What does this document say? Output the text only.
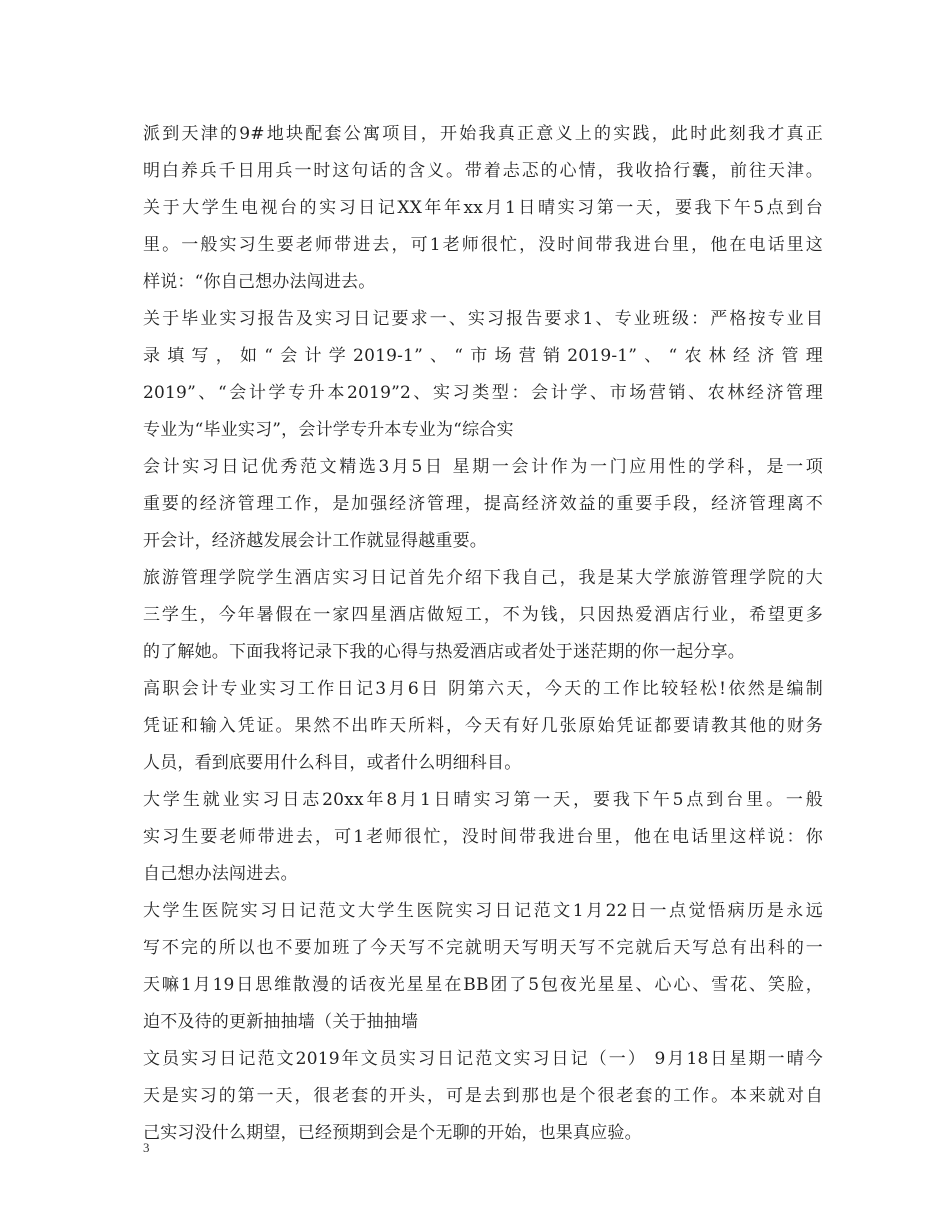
派到天津的9#地块配套公寓项目，开始我真正意义上的实践，此时此刻我才真正
明白养兵千日用兵一时这句话的含义。带着忐忑的心情，我收拾行囊，前往天津。
关于大学生电视台的实习日记XX年年xx月1日晴实习第一天，要我下午5点到台
里。一般实习生要老师带进去，可1老师很忙，没时间带我进台里，他在电话里这
样说：“你自己想办法闯进去。
关于毕业实习报告及实习日记要求一、实习报告要求1、专业班级：严格按专业目
录填写，如“会计学2019-1”、“市场营销2019-1”、“农林经济管理
2019”、“会计学专升本2019”2、实习类型：会计学、市场营销、农林经济管理
专业为“毕业实习”，会计学专升本专业为“综合实
会计实习日记优秀范文精选3月5日 星期一会计作为一门应用性的学科，是一项
重要的经济管理工作，是加强经济管理，提高经济效益的重要手段，经济管理离不
开会计，经济越发展会计工作就显得越重要。
旅游管理学院学生酒店实习日记首先介绍下我自己，我是某大学旅游管理学院的大
三学生，今年暑假在一家四星酒店做短工，不为钱，只因热爱酒店行业，希望更多
的了解她。下面我将记录下我的心得与热爱酒店或者处于迷茫期的你一起分享。
高职会计专业实习工作日记3月6日 阴第六天，今天的工作比较轻松!依然是编制
凭证和输入凭证。果然不出昨天所料，今天有好几张原始凭证都要请教其他的财务
人员，看到底要用什么科目，或者什么明细科目。
大学生就业实习日志20xx年8月1日晴实习第一天，要我下午5点到台里。一般
实习生要老师带进去，可1老师很忙，没时间带我进台里，他在电话里这样说：你
自己想办法闯进去。
大学生医院实习日记范文大学生医院实习日记范文1月22日一点觉悟病历是永远
写不完的所以也不要加班了今天写不完就明天写明天写不完就后天写总有出科的一
天嘛1月19日思维散漫的话夜光星星在BB团了5包夜光星星、心心、雪花、笑脸，
迫不及待的更新抽抽墙（关于抽抽墙
文员实习日记范文2019年文员实习日记范文实习日记（一） 9月18日星期一晴今
天是实习的第一天，很老套的开头，可是去到那也是个很老套的工作。本来就对自
己实习没什么期望，已经预期到会是个无聊的开始，也果真应验。
3
